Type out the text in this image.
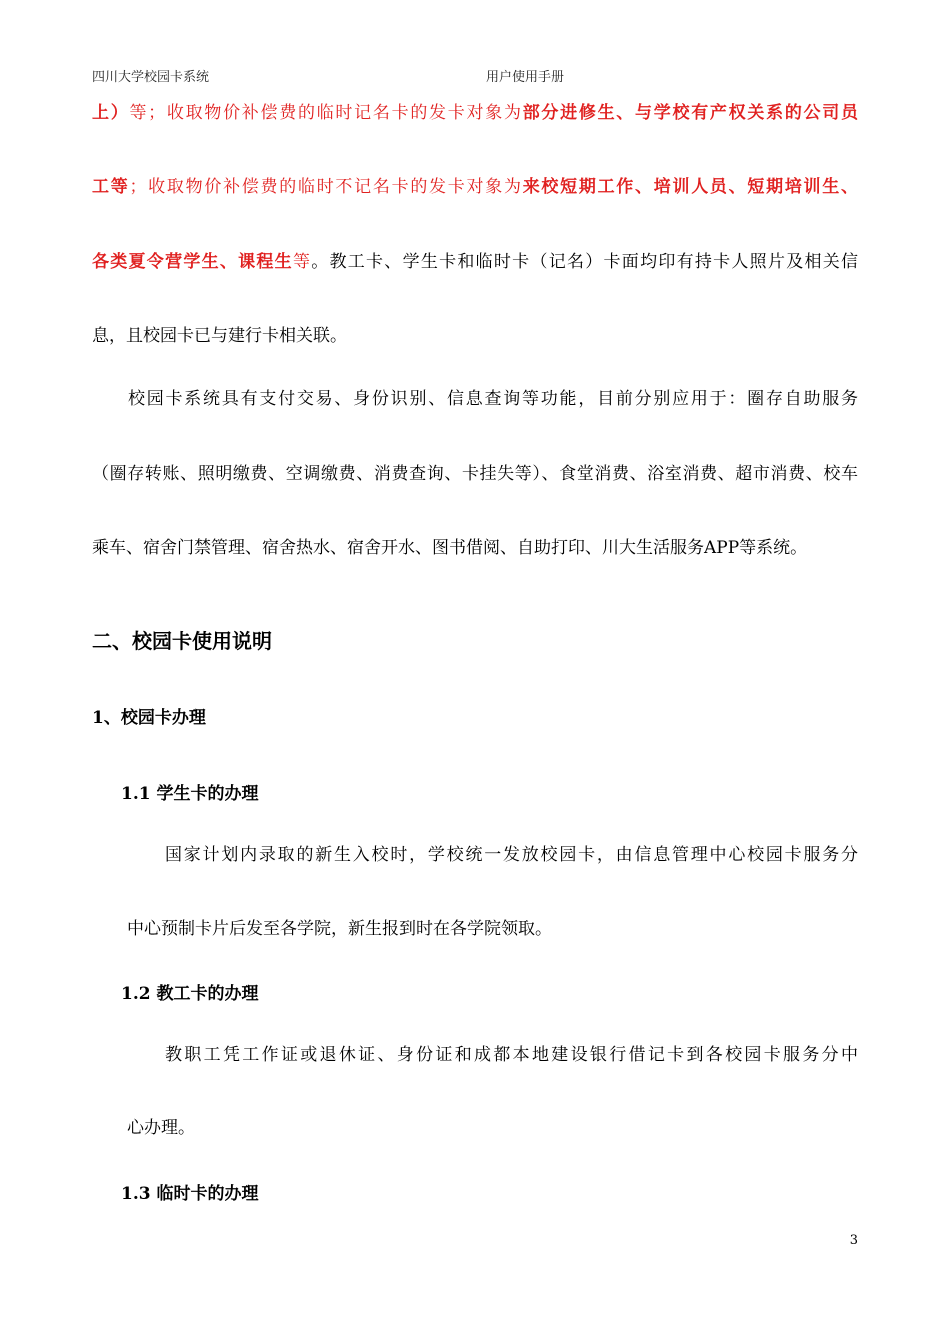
四川大学校园卡系统	用户使用手册
上）等；收取物价补偿费的临时记名卡的发卡对象为部分进修生、与学校有产权关系的公司员
工等；收取物价补偿费的临时不记名卡的发卡对象为来校短期工作、培训人员、短期培训生、
各类夏令营学生、课程生等。教工卡、学生卡和临时卡（记名）卡面均印有持卡人照片及相关信
息，且校园卡已与建行卡相关联。
校园卡系统具有支付交易、身份识别、信息查询等功能，目前分别应用于：圈存自助服务
（圈存转账、照明缴费、空调缴费、消费查询、卡挂失等）、食堂消费、浴室消费、超市消费、校车
乘车、宿舍门禁管理、宿舍热水、宿舍开水、图书借阅、自助打印、川大生活服务APP等系统。
二、校园卡使用说明
1、校园卡办理
1.1 学生卡的办理
国家计划内录取的新生入校时，学校统一发放校园卡，由信息管理中心校园卡服务分
中心预制卡片后发至各学院，新生报到时在各学院领取。
1.2 教工卡的办理
教职工凭工作证或退休证、身份证和成都本地建设银行借记卡到各校园卡服务分中
心办理。
1.3 临时卡的办理
3
